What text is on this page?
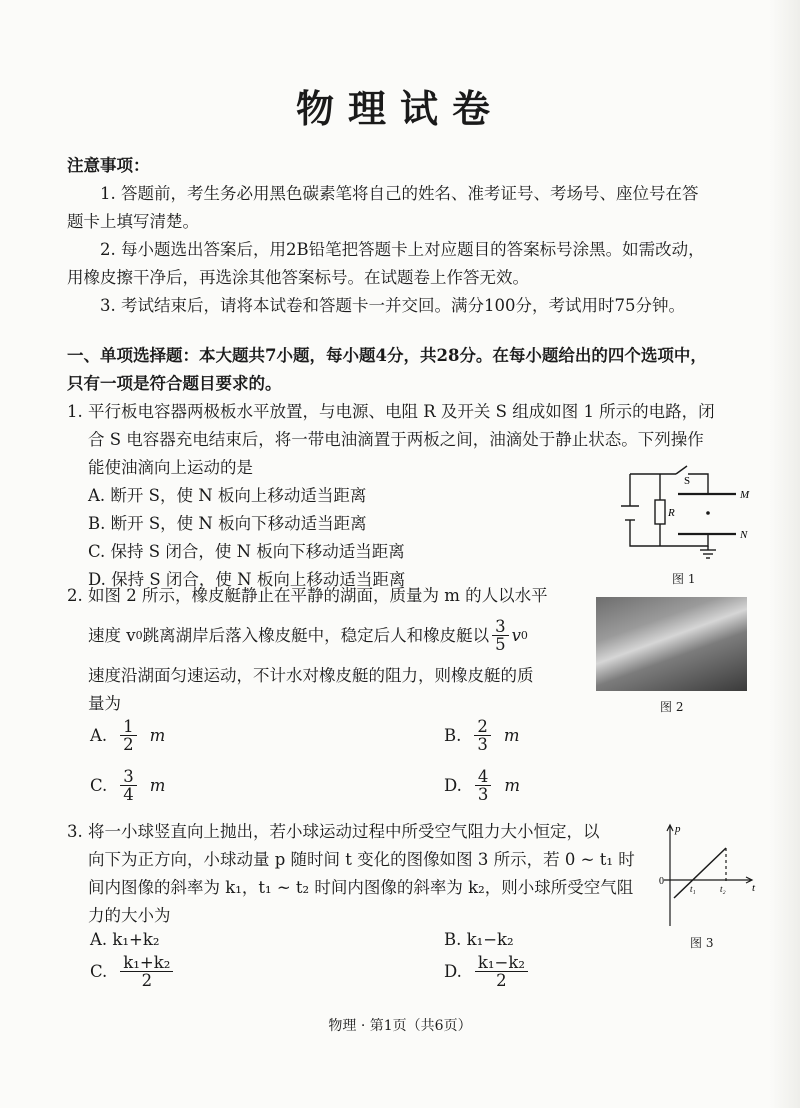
物理试卷
注意事项：
1. 答题前，考生务必用黑色碳素笔将自己的姓名、准考证号、考场号、座位号在答
题卡上填写清楚。
2. 每小题选出答案后，用2B铅笔把答题卡上对应题目的答案标号涂黑。如需改动，
用橡皮擦干净后，再选涂其他答案标号。在试题卷上作答无效。
3. 考试结束后，请将本试卷和答题卡一并交回。满分100分，考试用时75分钟。
一、单项选择题：本大题共7小题，每小题4分，共28分。在每小题给出的四个选项中，
只有一项是符合题目要求的。
1. 平行板电容器两极板水平放置，与电源、电阻 R 及开关 S 组成如图 1 所示的电路，闭
合 S 电容器充电结束后，将一带电油滴置于两板之间，油滴处于静止状态。下列操作
能使油滴向上运动的是
A. 断开 S，使 N 板向上移动适当距离
B. 断开 S，使 N 板向下移动适当距离
C. 保持 S 闭合，使 N 板向下移动适当距离
D. 保持 S 闭合，使 N 板向上移动适当距离
S
M
N
R
图 1
2. 如图 2 所示，橡皮艇静止在平静的湖面，质量为 m 的人以水平
速度 v 0 跳离湖岸后落入橡皮艇中，稳定后人和橡皮艇以 $\frac{3}{5}$ v 0
速度沿湖面匀速运动，不计水对橡皮艇的阻力，则橡皮艇的质
量为	图 2
A. $\frac{1}{2}$ m	B. $\frac{2}{3}$ m
C. $\frac{3}{4}$ m	D. $\frac{4}{3}$ m
3. 将一小球竖直向上抛出，若小球运动过程中所受空气阻力大小恒定，以
向下为正方向，小球动量 p 随时间 t 变化的图像如图 3 所示，若 0 ~ t₁ 时
间内图像的斜率为 k₁，t₁ ~ t₂ 时间内图像的斜率为 k₂，则小球所受空气阻
力的大小为
p
t
0
t₁	t₂
图 3
A. k₁+k₂	B. k₁−k₂
C. $\frac{\text{k₁+k₂}}{2}$	D. $\frac{\text{k₁−k₂}}{2}$
物理 · 第1页（共6页）
